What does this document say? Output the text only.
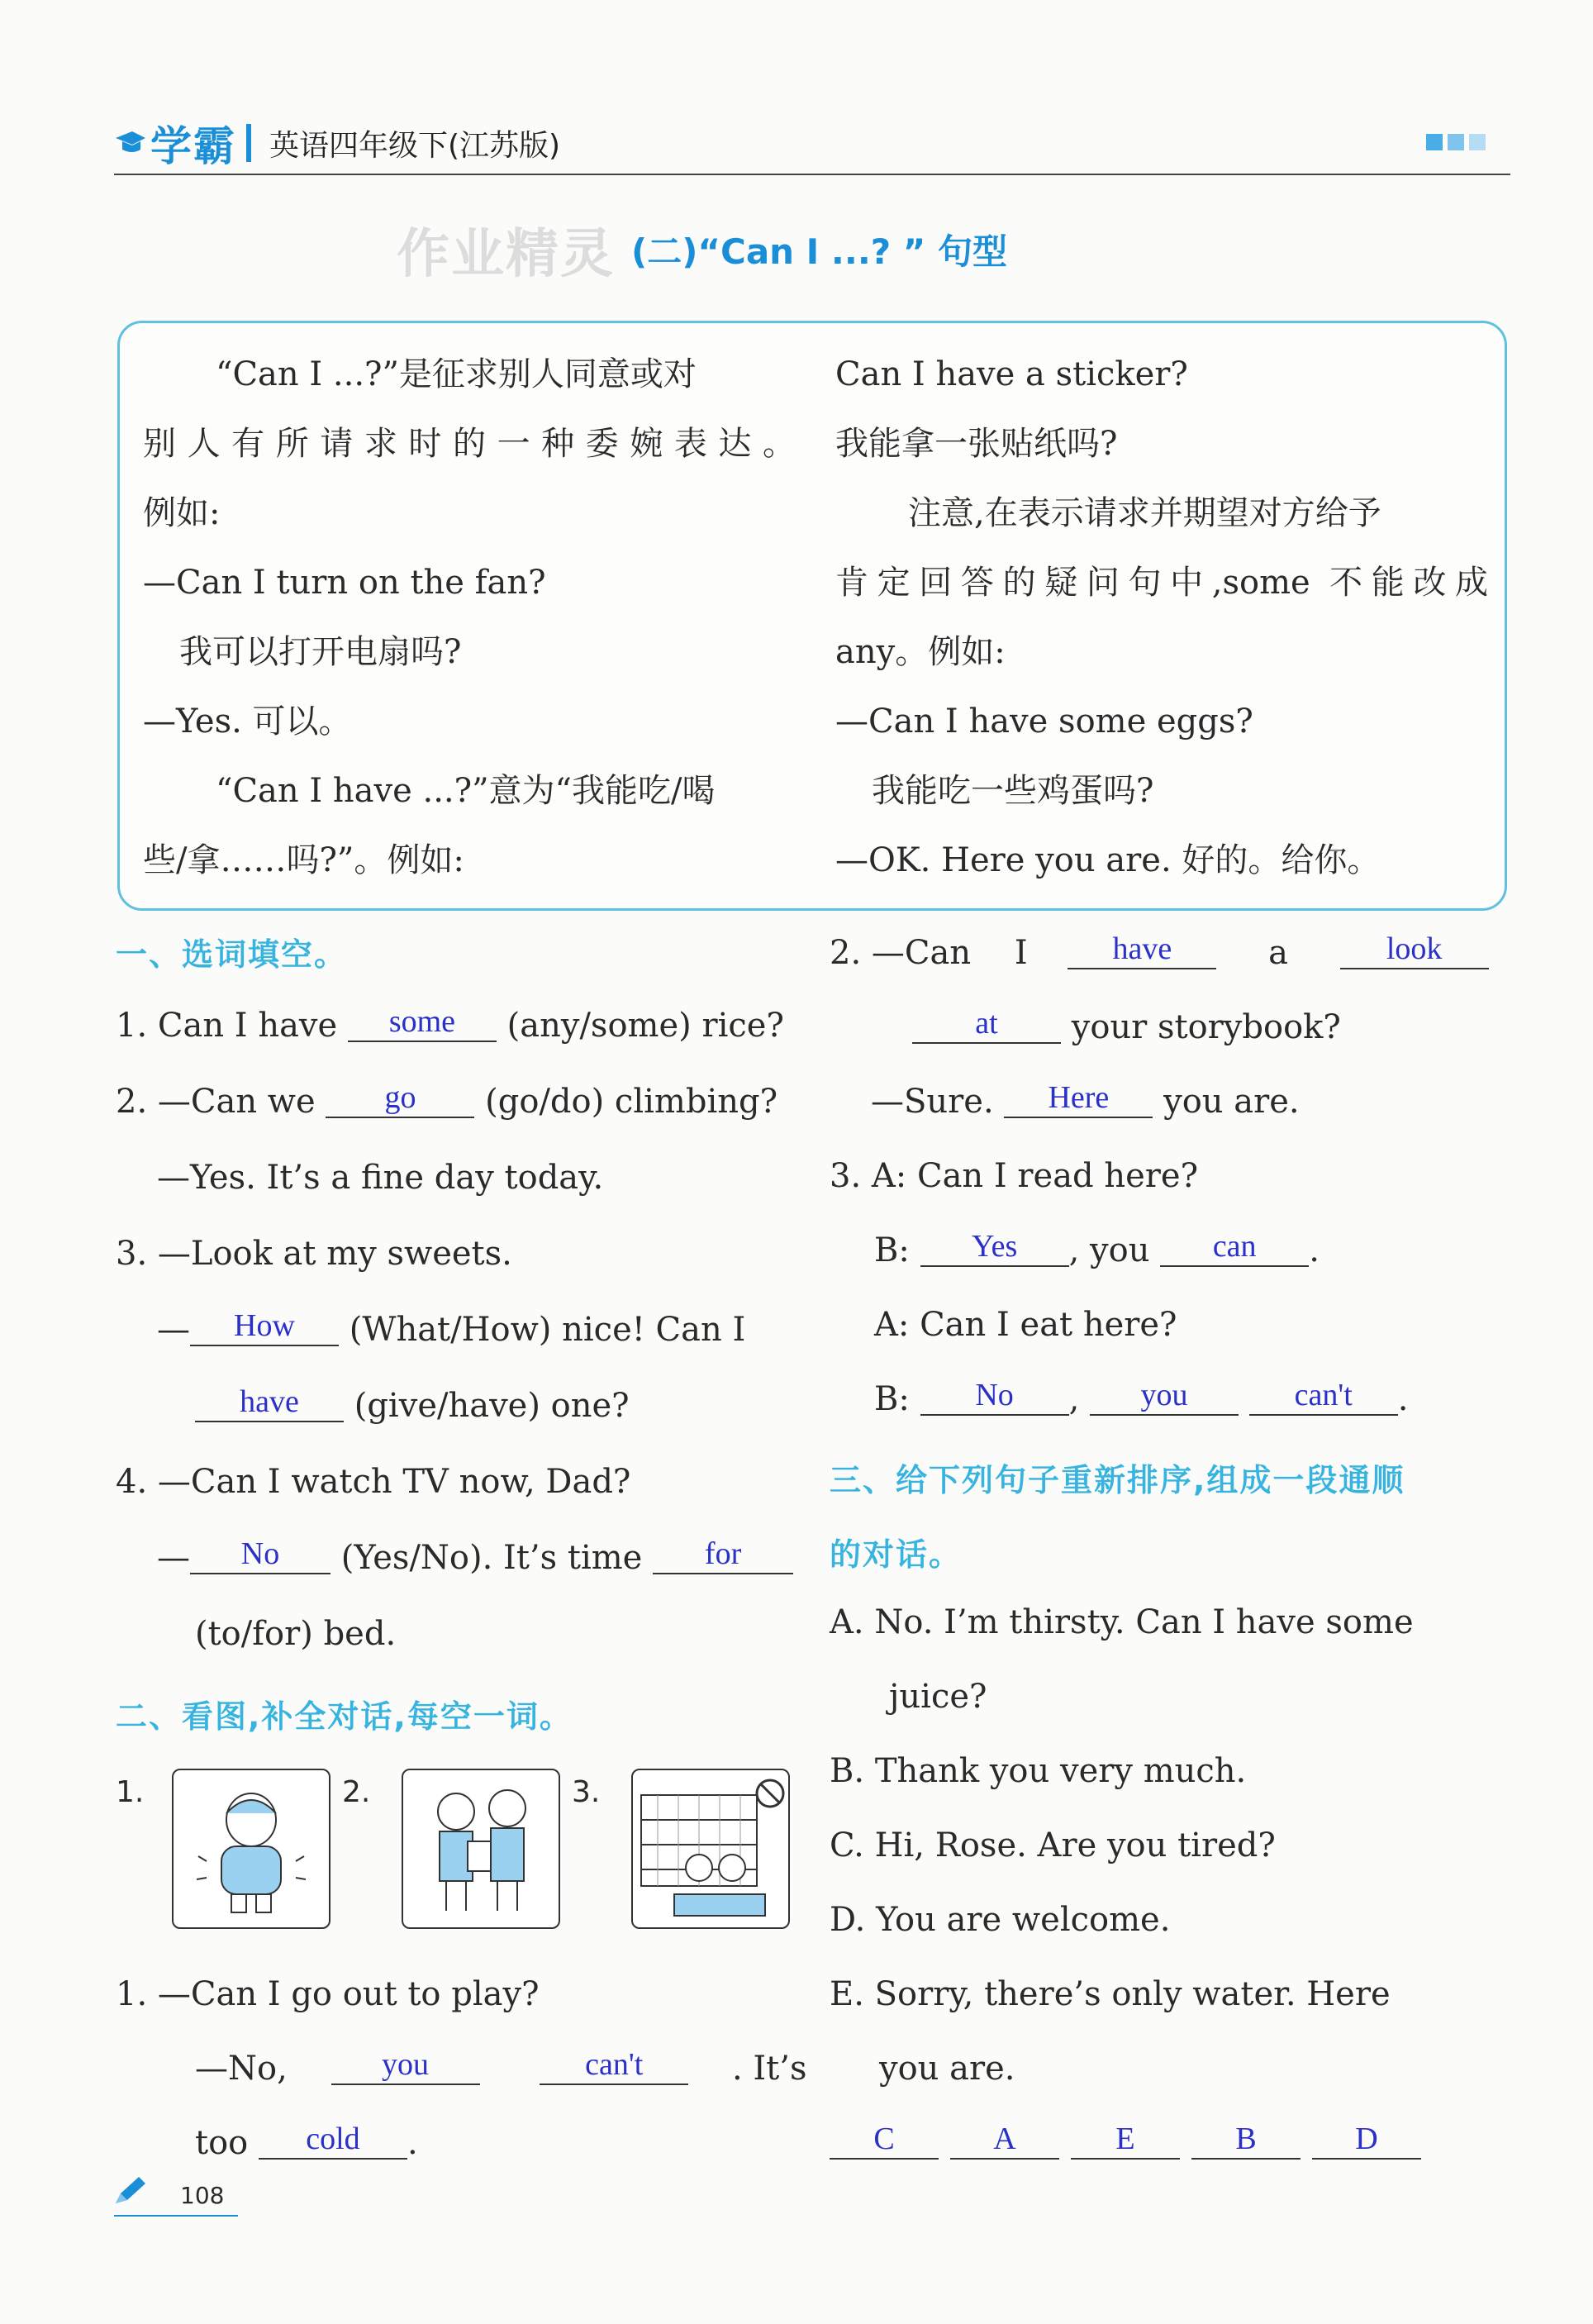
学霸 英语四年级下(江苏版)
作业精灵 (二)“Can I ...? ” 句型

“Can I ...?”是征求别人同意或对

别人有所请求时的一种委婉表达。

例如:

—Can I turn on the fan?

我可以打开电扇吗?

—Yes. 可以。

“Can I have ...?”意为“我能吃/喝

些/拿……吗?”。例如:

Can I have a sticker?

我能拿一张贴纸吗?

注意,在表示请求并期望对方给予

肯定回答的疑问句中,some 不能改成

any。例如:

—Can I have some eggs?

我能吃一些鸡蛋吗?

—OK. Here you are. 好的。给你。

一、选词填空。
1. Can I have some (any/some) rice?
2. —Can we go (go/do) climbing?
—Yes. It’s a fine day today.
3. —Look at my sweets.
— How (What/How) nice! Can I
have (give/have) one?
4. —Can I watch TV now, Dad?
— No (Yes/No). It’s time for
(to/for) bed.
二、看图,补全对话,每空一词。
1.	2.	3.
1. —Can I go out to play?
—No,	you	can't	. It’s
too cold .
2. —Can I	have	a	look
at your storybook?
—Sure. Here you are.
3. A: Can I read here?
B: Yes , you can .
A: Can I eat here?
B: No , you	can't .
三、给下列句子重新排序,组成一段通顺
的对话。
A. No. I’m thirsty. Can I have some
juice?
B. Thank you very much.
C. Hi, Rose. Are you tired?
D. You are welcome.
E. Sorry, there’s only water. Here
you are.
C	A	E	B	D
108
